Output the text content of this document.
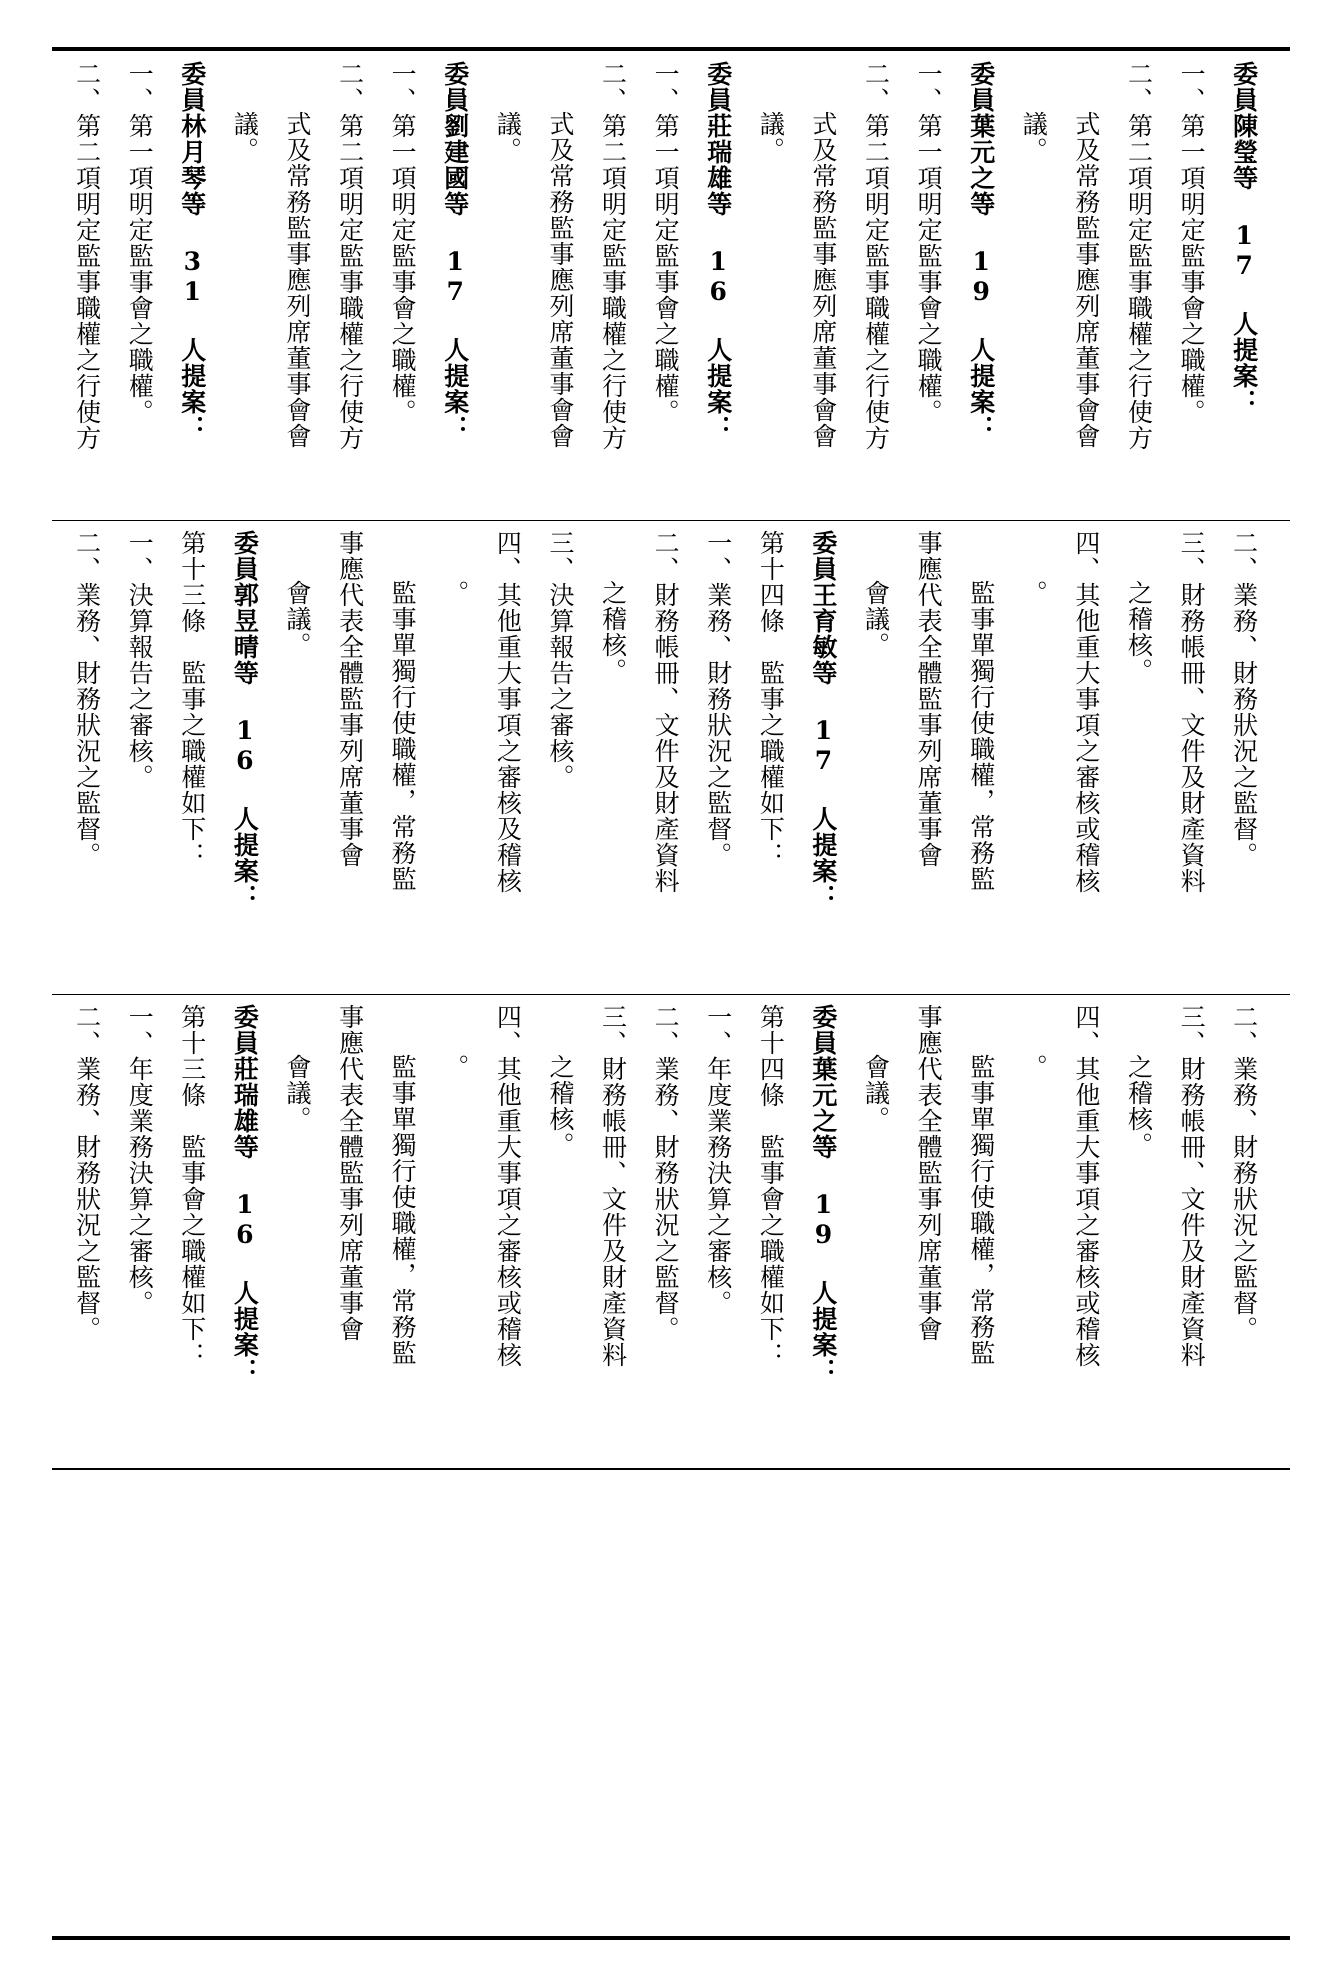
委員陳瑩等 17 人提案：
一、第一項明定監事會之職權。
二、第二項明定監事職權之行使方
式及常務監事應列席董事會會
議。
委員葉元之等 19 人提案：
一、第一項明定監事會之職權。
二、第二項明定監事職權之行使方
式及常務監事應列席董事會會
議。
委員莊瑞雄等 16 人提案：
一、第一項明定監事會之職權。
二、第二項明定監事職權之行使方
式及常務監事應列席董事會會
議。
委員劉建國等 17 人提案：
一、第一項明定監事會之職權。
二、第二項明定監事職權之行使方
式及常務監事應列席董事會會
議。
委員林月琴等 31 人提案：
一、第一項明定監事會之職權。
二、第二項明定監事職權之行使方
二、業務、財務狀況之監督。
三、財務帳冊、文件及財產資料
之稽核。
四、其他重大事項之審核或稽核
。
監事單獨行使職權，常務監
事應代表全體監事列席董事會
會議。
委員王育敏等 17 人提案：
第十四條　監事之職權如下：
一、業務、財務狀況之監督。
二、財務帳冊、文件及財產資料
之稽核。
三、決算報告之審核。
四、其他重大事項之審核及稽核
。
監事單獨行使職權，常務監
事應代表全體監事列席董事會
會議。
委員郭昱晴等 16 人提案：
第十三條　監事之職權如下：
一、決算報告之審核。
二、業務、財務狀況之監督。
二、業務、財務狀況之監督。
三、財務帳冊、文件及財產資料
之稽核。
四、其他重大事項之審核或稽核
。
監事單獨行使職權，常務監
事應代表全體監事列席董事會
會議。
委員葉元之等 19 人提案：
第十四條　監事會之職權如下：
一、年度業務決算之審核。
二、業務、財務狀況之監督。
三、財務帳冊、文件及財產資料
之稽核。
四、其他重大事項之審核或稽核
。
監事單獨行使職權，常務監
事應代表全體監事列席董事會
會議。
委員莊瑞雄等 16 人提案：
第十三條　監事會之職權如下：
一、年度業務決算之審核。
二、業務、財務狀況之監督。
